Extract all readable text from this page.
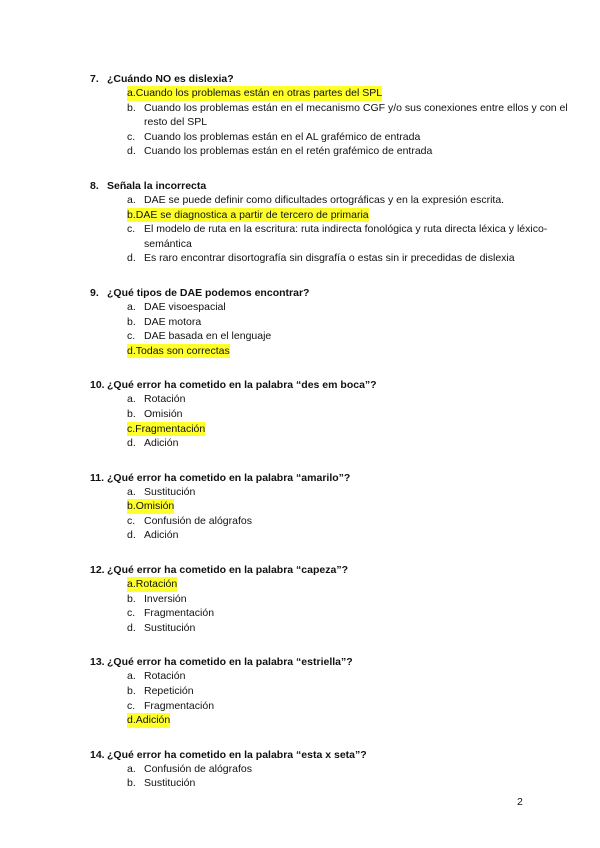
7. ¿Cuándo NO es dislexia?
a.Cuando los problemas están en otras partes del SPL
b. Cuando los problemas están en el mecanismo CGF y/o sus conexiones entre ellos y con el resto del SPL
c. Cuando los problemas están en el AL grafémico de entrada
d. Cuando los problemas están en el retén grafémico de entrada
8. Señala la incorrecta
a. DAE se puede definir como dificultades ortográficas y en la expresión escrita.
b.DAE se diagnostica a partir de tercero de primaria
c. El modelo de ruta en la escritura: ruta indirecta fonológica y ruta directa léxica y léxico-semántica
d. Es raro encontrar disortografía sin disgrafía o estas sin ir precedidas de dislexia
9. ¿Qué tipos de DAE podemos encontrar?
a. DAE visoespacial
b. DAE motora
c. DAE basada en el lenguaje
d.Todas son correctas
10. ¿Qué error ha cometido en la palabra “des em boca”?
a. Rotación
b. Omisión
c.Fragmentación
d. Adición
11. ¿Qué error ha cometido en la palabra “amarilo”?
a. Sustitución
b.Omisión
c. Confusión de alógrafos
d. Adición
12. ¿Qué error ha cometido en la palabra “capeza”?
a.Rotación
b. Inversión
c. Fragmentación
d. Sustitución
13. ¿Qué error ha cometido en la palabra “estriella”?
a. Rotación
b. Repetición
c. Fragmentación
d.Adición
14. ¿Qué error ha cometido en la palabra “esta x seta”?
a. Confusión de alógrafos
b. Sustitución
2
